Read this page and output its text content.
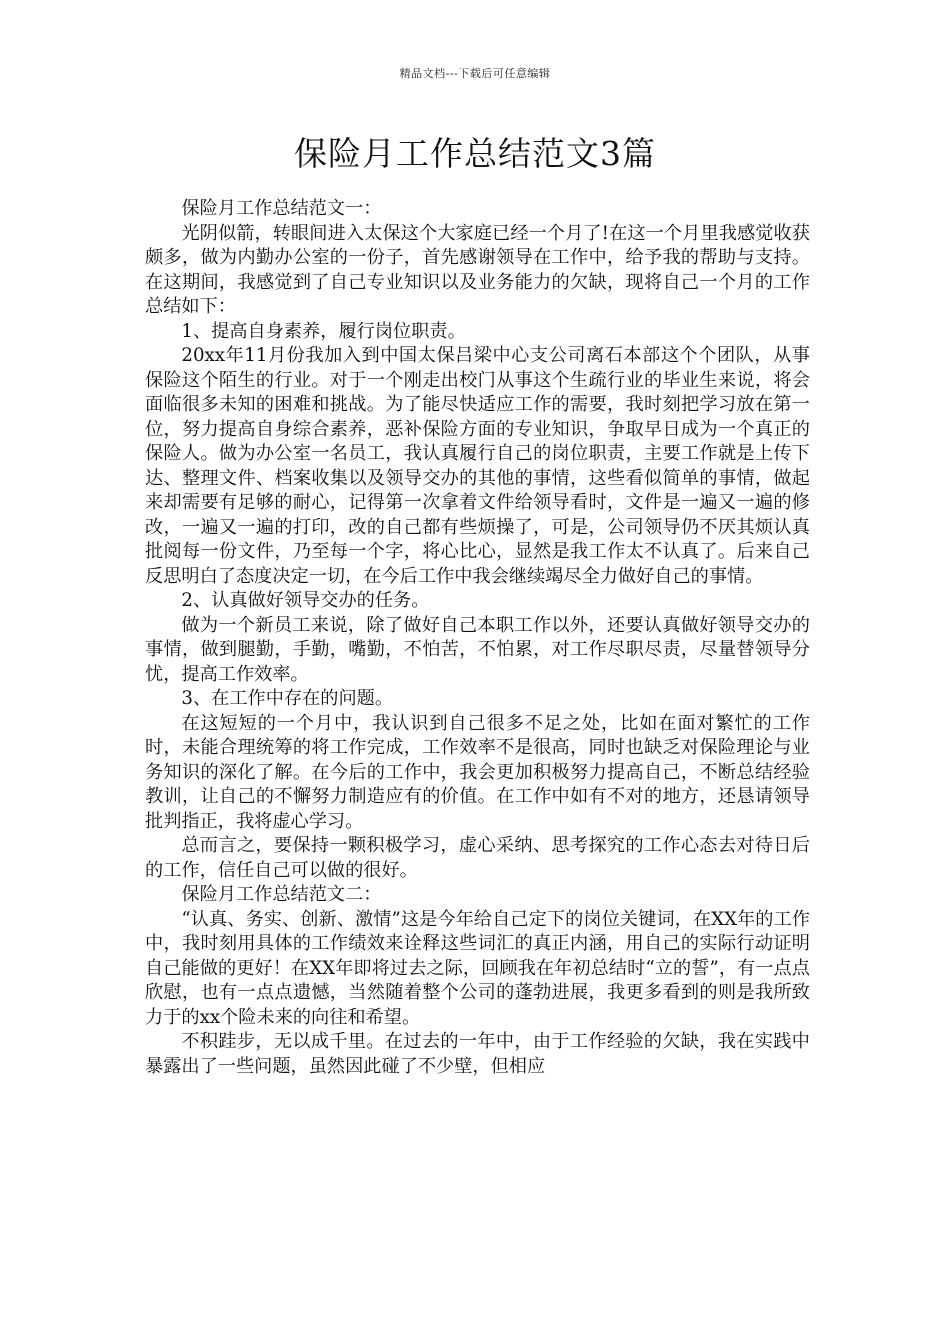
精品文档---下载后可任意编辑
保险月工作总结范文3篇

保险月工作总结范文一：

光阴似箭，转眼间进入太保这个大家庭已经一个月了!在这一个月里我感觉收获颇多，做为内勤办公室的一份子，首先感谢领导在工作中，给予我的帮助与支持。在这期间，我感觉到了自己专业知识以及业务能力的欠缺，现将自己一个月的工作总结如下：

1、提高自身素养，履行岗位职责。

20xx年11月份我加入到中国太保吕梁中心支公司离石本部这个个团队，从事保险这个陌生的行业。对于一个刚走出校门从事这个生疏行业的毕业生来说，将会面临很多未知的困难和挑战。为了能尽快适应工作的需要，我时刻把学习放在第一位，努力提高自身综合素养，恶补保险方面的专业知识，争取早日成为一个真正的保险人。做为办公室一名员工，我认真履行自己的岗位职责，主要工作就是上传下达、整理文件、档案收集以及领导交办的其他的事情，这些看似简单的事情，做起来却需要有足够的耐心，记得第一次拿着文件给领导看时，文件是一遍又一遍的修改，一遍又一遍的打印，改的自己都有些烦操了，可是，公司领导仍不厌其烦认真批阅每一份文件，乃至每一个字，将心比心，显然是我工作太不认真了。后来自己反思明白了态度决定一切，在今后工作中我会继续竭尽全力做好自己的事情。

2、认真做好领导交办的任务。

做为一个新员工来说，除了做好自己本职工作以外，还要认真做好领导交办的事情，做到腿勤，手勤，嘴勤，不怕苦，不怕累，对工作尽职尽责，尽量替领导分忧，提高工作效率。

3、在工作中存在的问题。

在这短短的一个月中，我认识到自己很多不足之处，比如在面对繁忙的工作时，未能合理统筹的将工作完成，工作效率不是很高，同时也缺乏对保险理论与业务知识的深化了解。在今后的工作中，我会更加积极努力提高自己，不断总结经验教训，让自己的不懈努力制造应有的价值。在工作中如有不对的地方，还恳请领导批判指正，我将虚心学习。

总而言之，要保持一颗积极学习，虚心采纳、思考探究的工作心态去对待日后的工作，信任自己可以做的很好。

保险月工作总结范文二：

“认真、务实、创新、激情”这是今年给自己定下的岗位关键词，在XX年的工作中，我时刻用具体的工作绩效来诠释这些词汇的真正内涵，用自己的实际行动证明自己能做的更好！在XX年即将过去之际，回顾我在年初总结时“立的誓”，有一点点欣慰，也有一点点遗憾，当然随着整个公司的蓬勃进展，我更多看到的则是我所致力于的xx个险未来的向往和希望。

不积跬步，无以成千里。在过去的一年中，由于工作经验的欠缺，我在实践中暴露出了一些问题，虽然因此碰了不少壁，但相应
